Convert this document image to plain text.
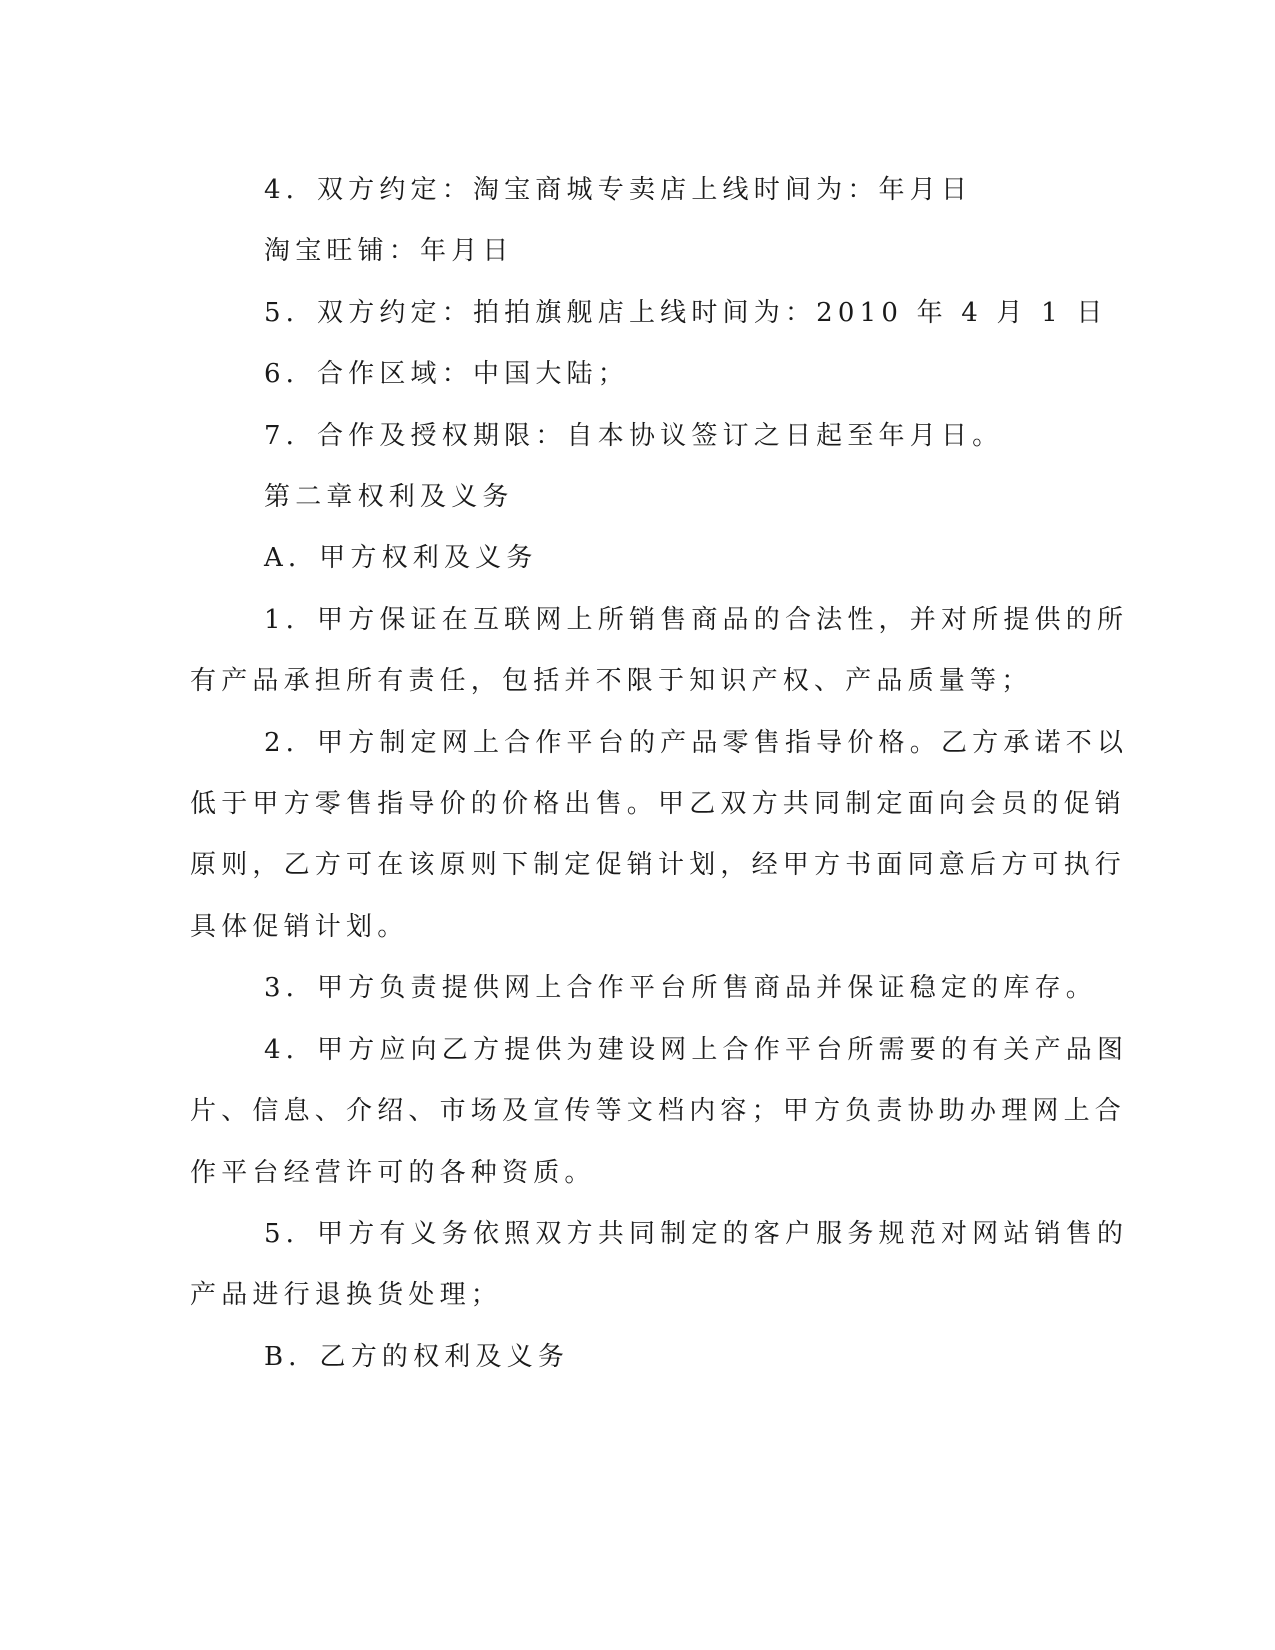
4．双方约定：淘宝商城专卖店上线时间为：年月日

淘宝旺铺：年月日

5．双方约定：拍拍旗舰店上线时间为：2010 年 4 月 1 日

6．合作区域：中国大陆；

7．合作及授权期限：自本协议签订之日起至年月日。

第二章权利及义务

A．甲方权利及义务

1．甲方保证在互联网上所销售商品的合法性，并对所提供的所

有产品承担所有责任，包括并不限于知识产权、产品质量等；

2．甲方制定网上合作平台的产品零售指导价格。乙方承诺不以

低于甲方零售指导价的价格出售。甲乙双方共同制定面向会员的促销

原则，乙方可在该原则下制定促销计划，经甲方书面同意后方可执行

具体促销计划。

3．甲方负责提供网上合作平台所售商品并保证稳定的库存。

4．甲方应向乙方提供为建设网上合作平台所需要的有关产品图

片、信息、介绍、市场及宣传等文档内容；甲方负责协助办理网上合

作平台经营许可的各种资质。

5．甲方有义务依照双方共同制定的客户服务规范对网站销售的

产品进行退换货处理；

B．乙方的权利及义务
